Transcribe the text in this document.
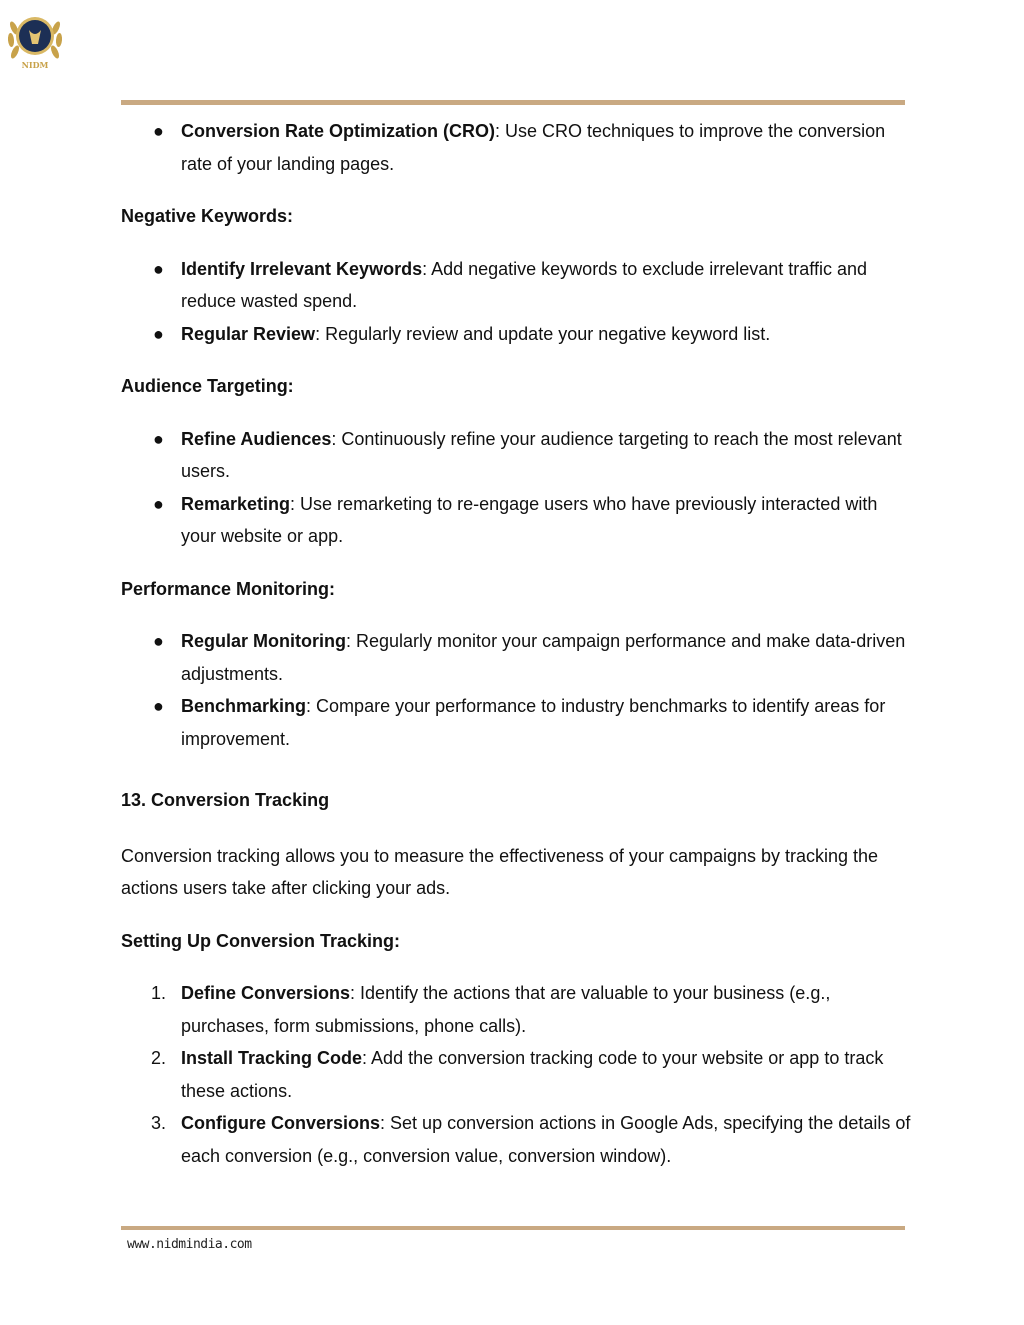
NIDM
● Conversion Rate Optimization (CRO): Use CRO techniques to improve the conversion rate of your landing pages.

Negative Keywords:

● Identify Irrelevant Keywords: Add negative keywords to exclude irrelevant traffic and reduce wasted spend.
● Regular Review: Regularly review and update your negative keyword list.

Audience Targeting:

● Refine Audiences: Continuously refine your audience targeting to reach the most relevant users.
● Remarketing: Use remarketing to re-engage users who have previously interacted with your website or app.

Performance Monitoring:

● Regular Monitoring: Regularly monitor your campaign performance and make data-driven adjustments.
● Benchmarking: Compare your performance to industry benchmarks to identify areas for improvement.

13. Conversion Tracking

Conversion tracking allows you to measure the effectiveness of your campaigns by tracking the actions users take after clicking your ads.

Setting Up Conversion Tracking:

1. Define Conversions: Identify the actions that are valuable to your business (e.g., purchases, form submissions, phone calls).
2. Install Tracking Code: Add the conversion tracking code to your website or app to track these actions.
3. Configure Conversions: Set up conversion actions in Google Ads, specifying the details of each conversion (e.g., conversion value, conversion window).
www.nidmindia.com
